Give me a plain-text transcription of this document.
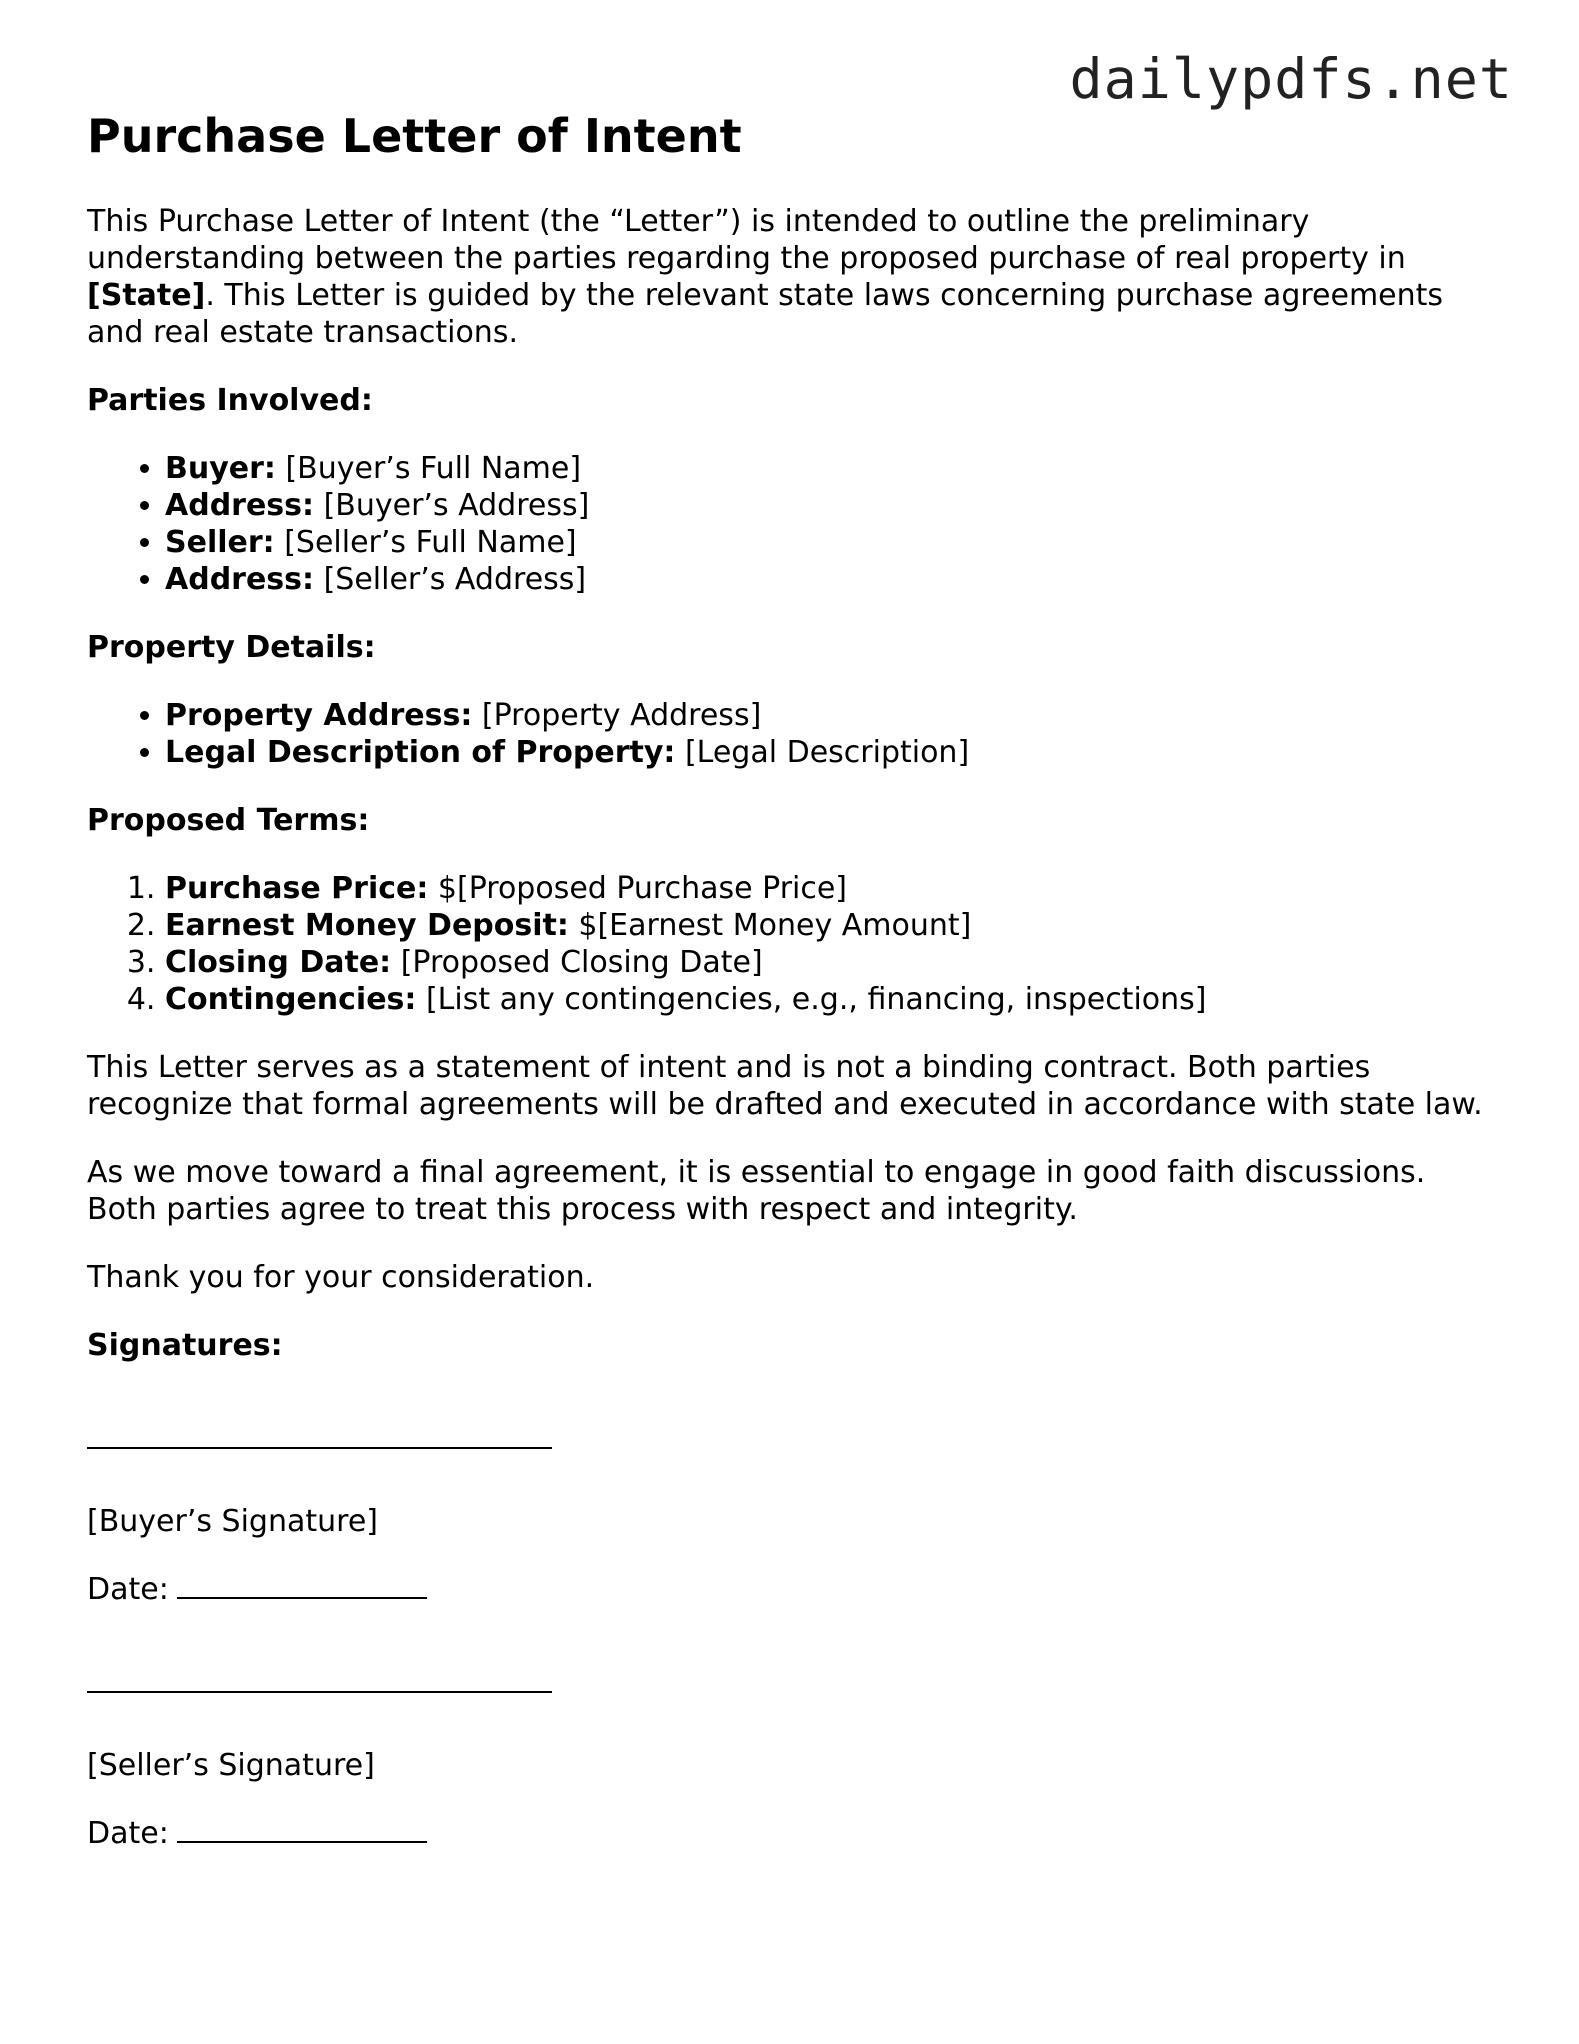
dailypdfs.net
Purchase Letter of Intent

This Purchase Letter of Intent (the “Letter”) is intended to outline the preliminary understanding between the parties regarding the proposed purchase of real property in [State]. This Letter is guided by the relevant state laws concerning purchase agreements and real estate transactions.

Parties Involved:
• Buyer: [Buyer’s Full Name]
• Address: [Buyer’s Address]
• Seller: [Seller’s Full Name]
• Address: [Seller’s Address]
Property Details:
• Property Address: [Property Address]
• Legal Description of Property: [Legal Description]
Proposed Terms:
1. Purchase Price: $[Proposed Purchase Price]
2. Earnest Money Deposit: $[Earnest Money Amount]
3. Closing Date: [Proposed Closing Date]
4. Contingencies: [List any contingencies, e.g., financing, inspections]

This Letter serves as a statement of intent and is not a binding contract. Both parties recognize that formal agreements will be drafted and executed in accordance with state law.

As we move toward a final agreement, it is essential to engage in good faith discussions. Both parties agree to treat this process with respect and integrity.

Thank you for your consideration.

Signatures:
[Buyer’s Signature]
Date:
[Seller’s Signature]
Date:
